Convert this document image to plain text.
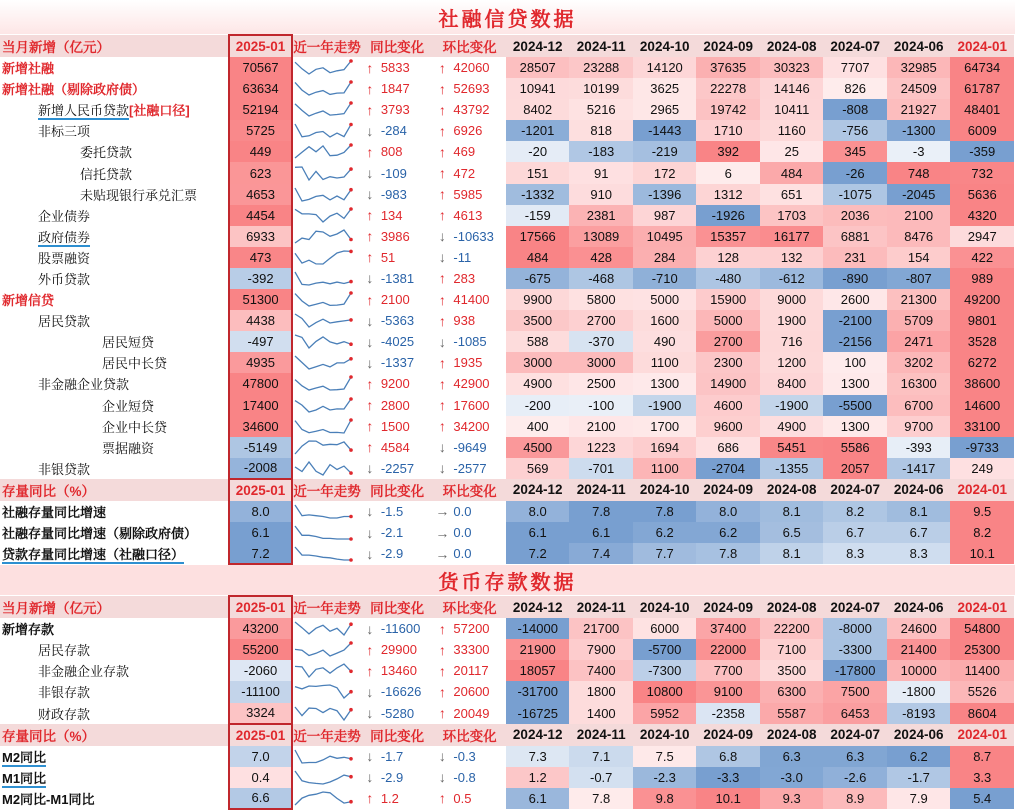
社融信贷数据
当月新增（亿元）	2025-01	近一年走势	同比变化	环比变化	2024-12	2024-11	2024-10	2024-09	2024-08	2024-07	2024-06	2024-01
新增社融	70567		↑ 5833	↑ 42060	28507	23288	14120	37635	30323	7707	32985	64734
新增社融（剔除政府债）	63634		↑ 1847	↑ 52693	10941	10199	3625	22278	14146	826	24509	61787
新增人民币贷款[社融口径]	52194		↑ 3793	↑ 43792	8402	5216	2965	19742	10411	-808	21927	48401
非标三项	5725		↓ -284	↑ 6926	-1201	818	-1443	1710	1160	-756	-1300	6009
委托贷款	449		↑ 808	↑ 469	-20	-183	-219	392	25	345	-3	-359
信托贷款	623		↓ -109	↑ 472	151	91	172	6	484	-26	748	732
未贴现银行承兑汇票	4653		↓ -983	↑ 5985	-1332	910	-1396	1312	651	-1075	-2045	5636
企业债券	4454		↑ 134	↑ 4613	-159	2381	987	-1926	1703	2036	2100	4320
政府债券	6933		↑ 3986	↓ -10633	17566	13089	10495	15357	16177	6881	8476	2947
股票融资	473		↑ 51	↓ -11	484	428	284	128	132	231	154	422
外币贷款	-392		↓ -1381	↑ 283	-675	-468	-710	-480	-612	-890	-807	989
新增信贷	51300		↑ 2100	↑ 41400	9900	5800	5000	15900	9000	2600	21300	49200
居民贷款	4438		↓ -5363	↑ 938	3500	2700	1600	5000	1900	-2100	5709	9801
居民短贷	-497		↓ -4025	↓ -1085	588	-370	490	2700	716	-2156	2471	3528
居民中长贷	4935		↓ -1337	↑ 1935	3000	3000	1100	2300	1200	100	3202	6272
非金融企业贷款	47800		↑ 9200	↑ 42900	4900	2500	1300	14900	8400	1300	16300	38600
企业短贷	17400		↑ 2800	↑ 17600	-200	-100	-1900	4600	-1900	-5500	6700	14600
企业中长贷	34600		↑ 1500	↑ 34200	400	2100	1700	9600	4900	1300	9700	33100
票据融资	-5149		↑ 4584	↓ -9649	4500	1223	1694	686	5451	5586	-393	-9733
非银贷款	-2008		↓ -2257	↓ -2577	569	-701	1100	-2704	-1355	2057	-1417	249
存量同比（%）	2025-01	近一年走势	同比变化	环比变化	2024-12	2024-11	2024-10	2024-09	2024-08	2024-07	2024-06	2024-01
社融存量同比增速	8.0		↓ -1.5	→ 0.0	8.0	7.8	7.8	8.0	8.1	8.2	8.1	9.5
社融存量同比增速（剔除政府债）	6.1		↓ -2.1	→ 0.0	6.1	6.1	6.2	6.2	6.5	6.7	6.7	8.2
贷款存量同比增速（社融口径）	7.2		↓ -2.9	→ 0.0	7.2	7.4	7.7	7.8	8.1	8.3	8.3	10.1
货币存款数据
当月新增（亿元）	2025-01	近一年走势	同比变化	环比变化	2024-12	2024-11	2024-10	2024-09	2024-08	2024-07	2024-06	2024-01
新增存款	43200		↓ -11600	↑ 57200	-14000	21700	6000	37400	22200	-8000	24600	54800
居民存款	55200		↑ 29900	↑ 33300	21900	7900	-5700	22000	7100	-3300	21400	25300
非金融企业存款	-2060		↑ 13460	↑ 20117	18057	7400	-7300	7700	3500	-17800	10000	11400
非银存款	-11100		↓ -16626	↑ 20600	-31700	1800	10800	9100	6300	7500	-1800	5526
财政存款	3324		↓ -5280	↑ 20049	-16725	1400	5952	-2358	5587	6453	-8193	8604
存量同比（%）	2025-01	近一年走势	同比变化	环比变化	2024-12	2024-11	2024-10	2024-09	2024-08	2024-07	2024-06	2024-01
M2同比	7.0		↓ -1.7	↓ -0.3	7.3	7.1	7.5	6.8	6.3	6.3	6.2	8.7
M1同比	0.4		↓ -2.9	↓ -0.8	1.2	-0.7	-2.3	-3.3	-3.0	-2.6	-1.7	3.3
M2同比-M1同比	6.6		↑ 1.2	↑ 0.5	6.1	7.8	9.8	10.1	9.3	8.9	7.9	5.4
